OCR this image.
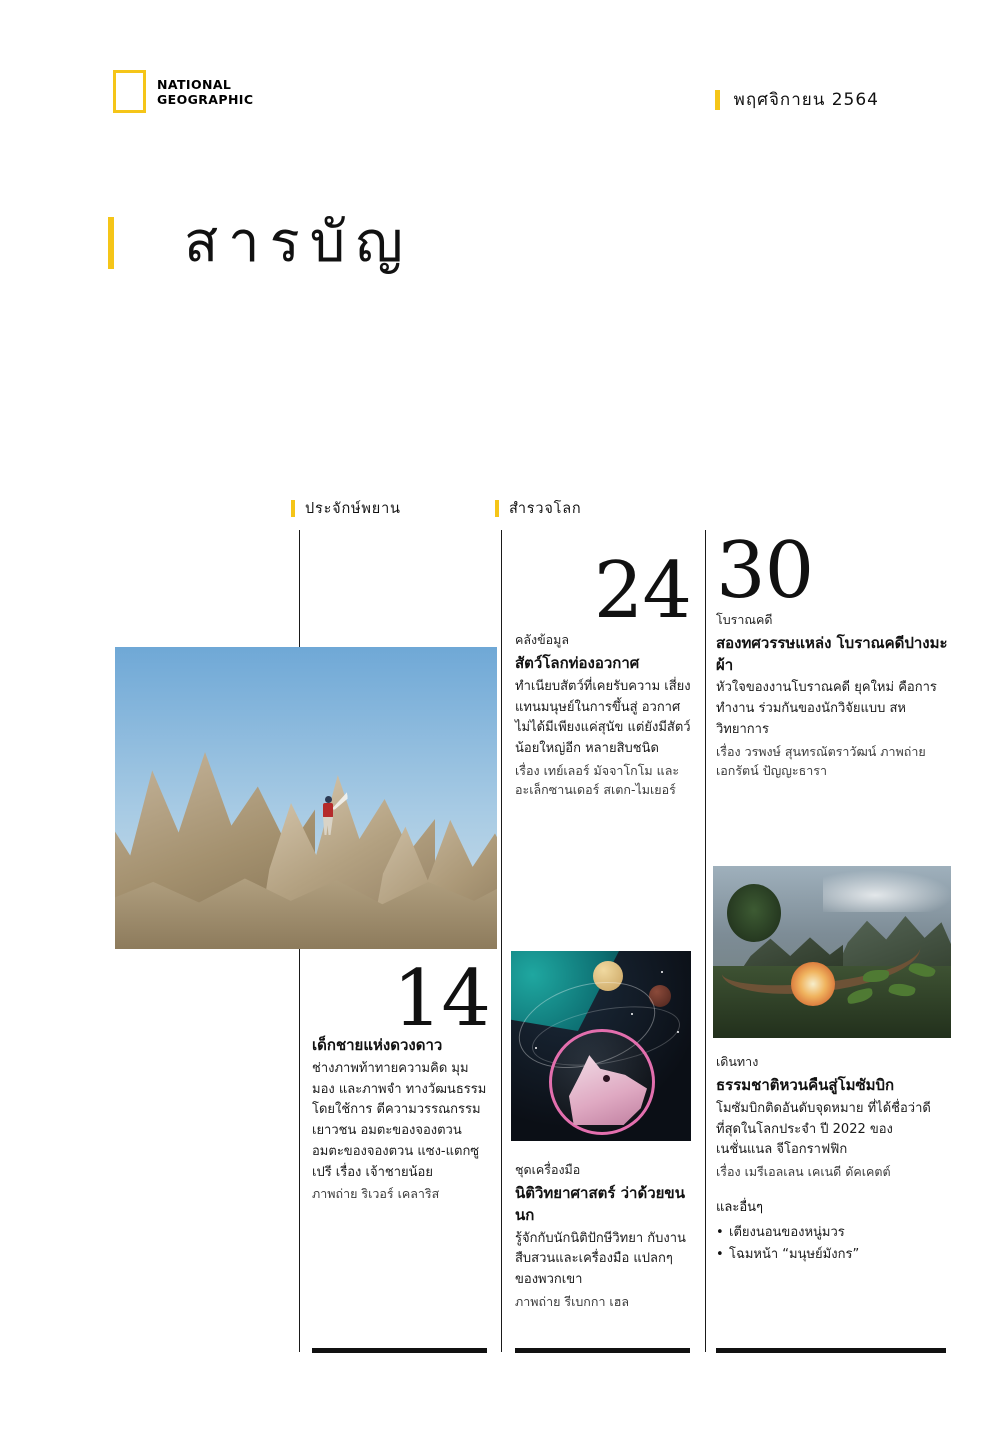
NATIONAL
GEOGRAPHIC	พฤศจิกายน 2564
สารบัญ
ประจักษ์พยาน	สำรวจโลก
14
เด็กชายแห่งดวงดาว
ช่างภาพท้าทายความคิด มุมมอง และภาพจำ ทางวัฒนธรรม โดยใช้การ ตีความวรรณกรรมเยาวชน อมตะของจองตวน อมตะของจองตวน แซง-แตกซูเปรี เรื่อง เจ้าชายน้อย
ภาพถ่าย ริเวอร์ เคลาริส
24
คลังข้อมูล
สัตว์โลกท่องอวกาศ
ทำเนียบสัตว์ที่เคยรับความ เสี่ยงแทนมนุษย์ในการขึ้นสู่ อวกาศ ไม่ได้มีเพียงแค่สุนัข แต่ยังมีสัตว์น้อยใหญ่อีก หลายสิบชนิด
เรื่อง เทย์เลอร์ มัจจาโกโม และอะเล็กซานเดอร์ สเตก-ไมเยอร์
ชุดเครื่องมือ
นิติวิทยาศาสตร์ ว่าด้วยขนนก
รู้จักกับนักนิติปักษีวิทยา กับงานสืบสวนและเครื่องมือ แปลกๆ ของพวกเขา
ภาพถ่าย รีเบกกา เฮล
30
โบราณคดี
สองทศวรรษแหล่ง โบราณคดีปางมะผ้า
หัวใจของงานโบราณคดี ยุคใหม่ คือการทำงาน ร่วมกันของนักวิจัยแบบ สหวิทยาการ
เรื่อง วรพงษ์ สุนทรณัตราวัฒน์ ภาพถ่าย เอกรัตน์ ปัญญะธารา
เดินทาง
ธรรมชาติหวนคืนสู่โมซัมบิก
โมซัมบิกติดอันดับจุดหมาย ที่ได้ชื่อว่าดีที่สุดในโลกประจำ ปี 2022 ของเนชั่นแนล จีโอกราฟฟิก
เรื่อง เมรีเอลเลน เคเนดี ดัคเคตต์
และอื่นๆ
• เตียงนอนของหนู่มวร
• โฉมหน้า “มนุษย์มังกร”
